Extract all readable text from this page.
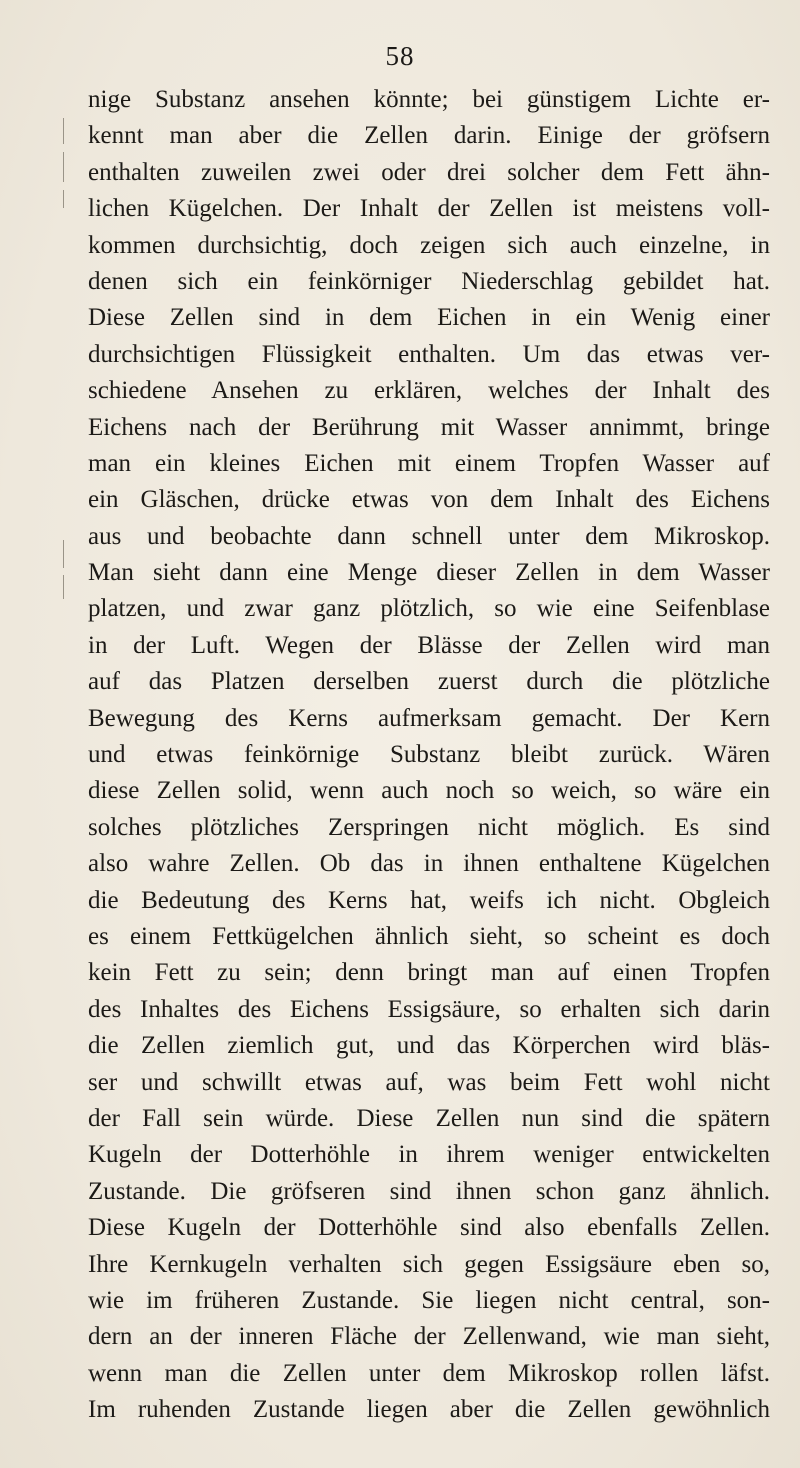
58
nige Substanz ansehen könnte; bei günstigem Lichte er-
kennt man aber die Zellen darin. Einige der gröfsern
enthalten zuweilen zwei oder drei solcher dem Fett ähn-
lichen Kügelchen. Der Inhalt der Zellen ist meistens voll-
kommen durchsichtig, doch zeigen sich auch einzelne, in
denen sich ein feinkörniger Niederschlag gebildet hat.
Diese Zellen sind in dem Eichen in ein Wenig einer
durchsichtigen Flüssigkeit enthalten. Um das etwas ver-
schiedene Ansehen zu erklären, welches der Inhalt des
Eichens nach der Berührung mit Wasser annimmt, bringe
man ein kleines Eichen mit einem Tropfen Wasser auf
ein Gläschen, drücke etwas von dem Inhalt des Eichens
aus und beobachte dann schnell unter dem Mikroskop.
Man sieht dann eine Menge dieser Zellen in dem Wasser
platzen, und zwar ganz plötzlich, so wie eine Seifenblase
in der Luft. Wegen der Blässe der Zellen wird man
auf das Platzen derselben zuerst durch die plötzliche
Bewegung des Kerns aufmerksam gemacht. Der Kern
und etwas feinkörnige Substanz bleibt zurück. Wären
diese Zellen solid, wenn auch noch so weich, so wäre ein
solches plötzliches Zerspringen nicht möglich. Es sind
also wahre Zellen. Ob das in ihnen enthaltene Kügelchen
die Bedeutung des Kerns hat, weifs ich nicht. Obgleich
es einem Fettkügelchen ähnlich sieht, so scheint es doch
kein Fett zu sein; denn bringt man auf einen Tropfen
des Inhaltes des Eichens Essigsäure, so erhalten sich darin
die Zellen ziemlich gut, und das Körperchen wird bläs-
ser und schwillt etwas auf, was beim Fett wohl nicht
der Fall sein würde. Diese Zellen nun sind die spätern
Kugeln der Dotterhöhle in ihrem weniger entwickelten
Zustande. Die gröfseren sind ihnen schon ganz ähnlich.
Diese Kugeln der Dotterhöhle sind also ebenfalls Zellen.
Ihre Kernkugeln verhalten sich gegen Essigsäure eben so,
wie im früheren Zustande. Sie liegen nicht central, son-
dern an der inneren Fläche der Zellenwand, wie man sieht,
wenn man die Zellen unter dem Mikroskop rollen läfst.
Im ruhenden Zustande liegen aber die Zellen gewöhnlich
